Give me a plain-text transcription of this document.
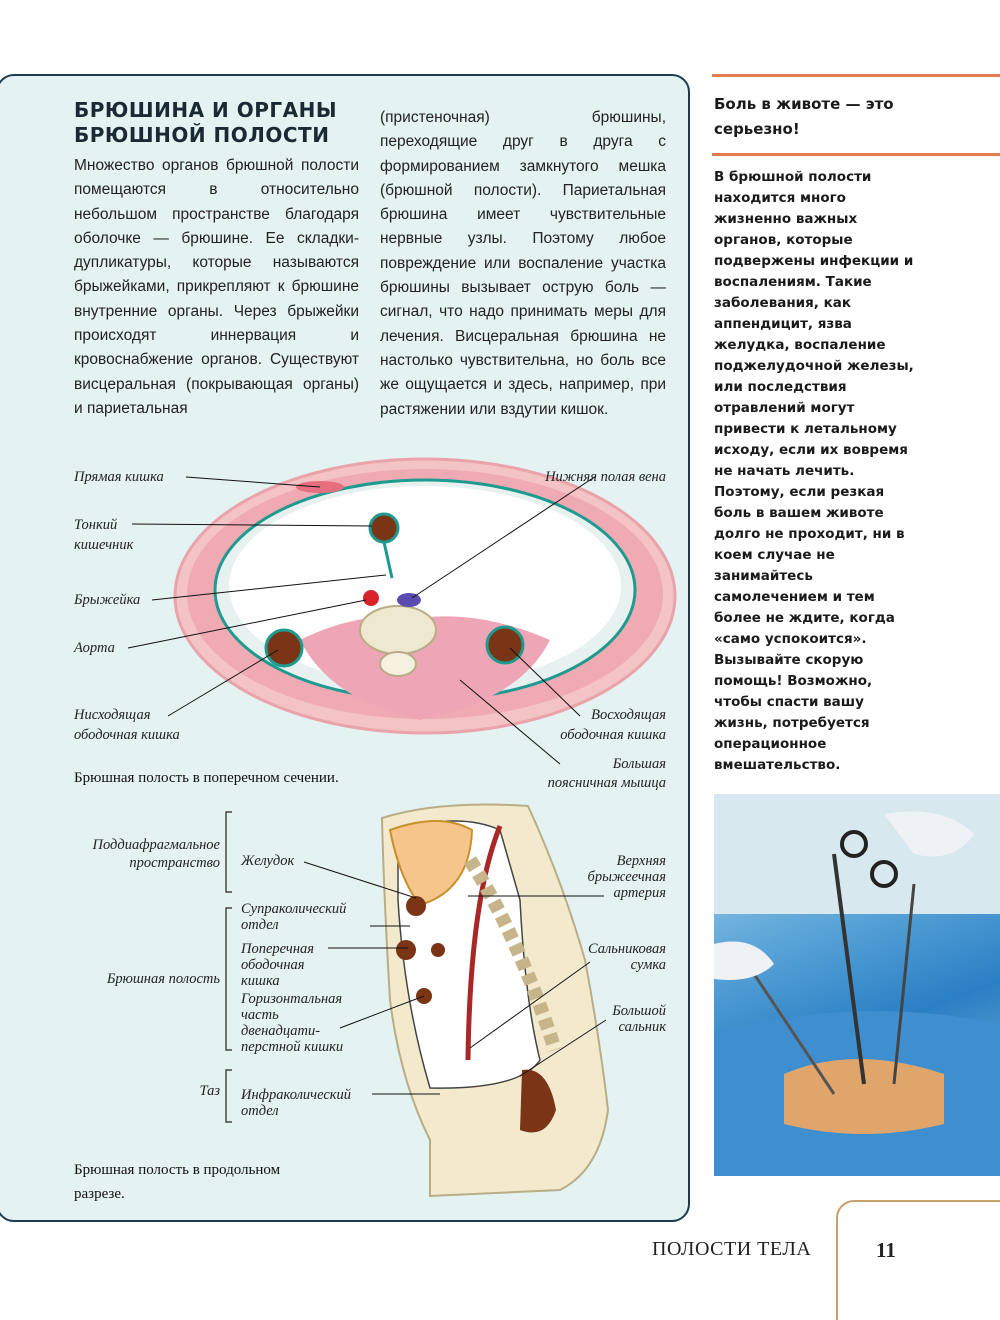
БРЮШИНА И ОРГАНЫ БРЮШНОЙ ПОЛОСТИ

Множество органов брюшной полости помещаются в относительно небольшом пространстве благодаря оболочке — брюшине. Ее складки-дупликатуры, которые называются брыжейками, прикрепляют к брюшине внутренние органы. Через брыжейки происходят иннервация и кровоснабжение органов. Существуют висцеральная (покрывающая органы) и париетальная

(пристеночная) брюшины, переходящие друг в друга с формированием замкнутого мешка (брюшной полости). Париетальная брюшина имеет чувствительные нервные узлы. Поэтому любое повреждение или воспаление участка брюшины вызывает острую боль — сигнал, что надо принимать меры для лечения. Висцеральная брюшина не настолько чувствительна, но боль все же ощущается и здесь, например, при растяжении или вздутии кишок.

Прямая кишка

Тонкий

кишечник

Брыжейка

Аорта

Нисходящая

ободочная кишка

Нижняя полая вена

Восходящая

ободочная кишка

Большая

поясничная мышца

Брюшная полость в поперечном сечении.

Поддиафрагмальное

пространство

Брюшная полость

Таз

Желудок

Супраколический

отдел

Поперечная

ободочная

кишка

Горизонтальная

часть

двенадцати-

перстной кишки

Инфраколический

отдел

Верхняя

брыжеечная

артерия

Сальниковая

сумка

Большой

сальник

Брюшная полость в продольном

разрезе.

Боль в животе — это серьезно!

В брюшной полости находится много жизненно важных органов, которые подвержены инфекции и воспалениям. Такие заболевания, как аппендицит, язва желудка, воспаление поджелудочной железы, или последствия отравлений могут привести к летальному исходу, если их вовремя не начать лечить. Поэтому, если резкая боль в вашем животе долго не проходит, ни в коем случае не занимайтесь самолечением и тем более не ждите, когда «само успокоится». Вызывайте скорую помощь! Возможно, чтобы спасти вашу жизнь, потребуется операционное вмешательство.

ПОЛОСТИ ТЕЛА	11
